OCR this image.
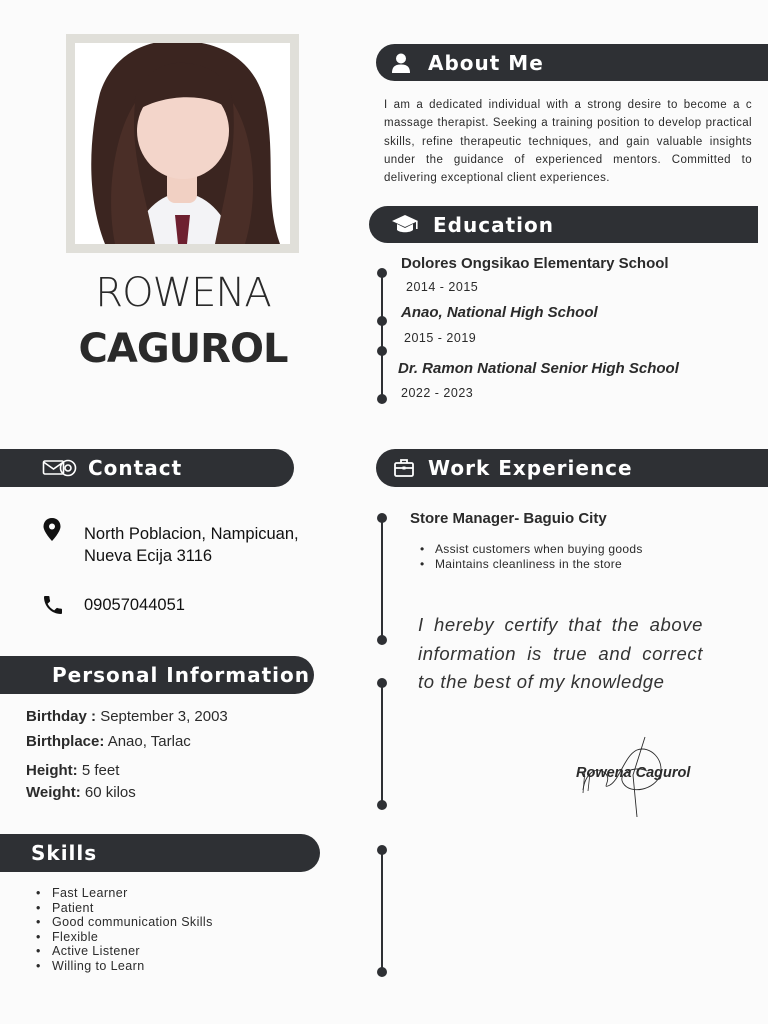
ROWENA
CAGUROL
About Me
I am a dedicated individual with a strong desire to become a c massage therapist. Seeking a training position to develop practical skills, refine therapeutic techniques, and gain valuable insights under the guidance of experienced mentors. Committed to delivering exceptional client experiences.
Education
Dolores Ongsikao Elementary School
2014 - 2015
Anao, National High School
2015 - 2019
Dr. Ramon National Senior High School
2022 - 2023
Contact
North Poblacion, Nampicuan,
Nueva Ecija 3116
09057044051
Personal Information
Birthday : September 3, 2003
Birthplace: Anao, Tarlac
Height: 5 feet
Weight: 60 kilos
Skills
• Fast Learner
• Patient
• Good communication Skills
• Flexible
• Active Listener
• Willing to Learn
Work Experience
Store Manager- Baguio City
• Assist customers when buying goods
• Maintains cleanliness in the store
I hereby certify that the above information is true and correct to the best of my knowledge
Rowena Cagurol
